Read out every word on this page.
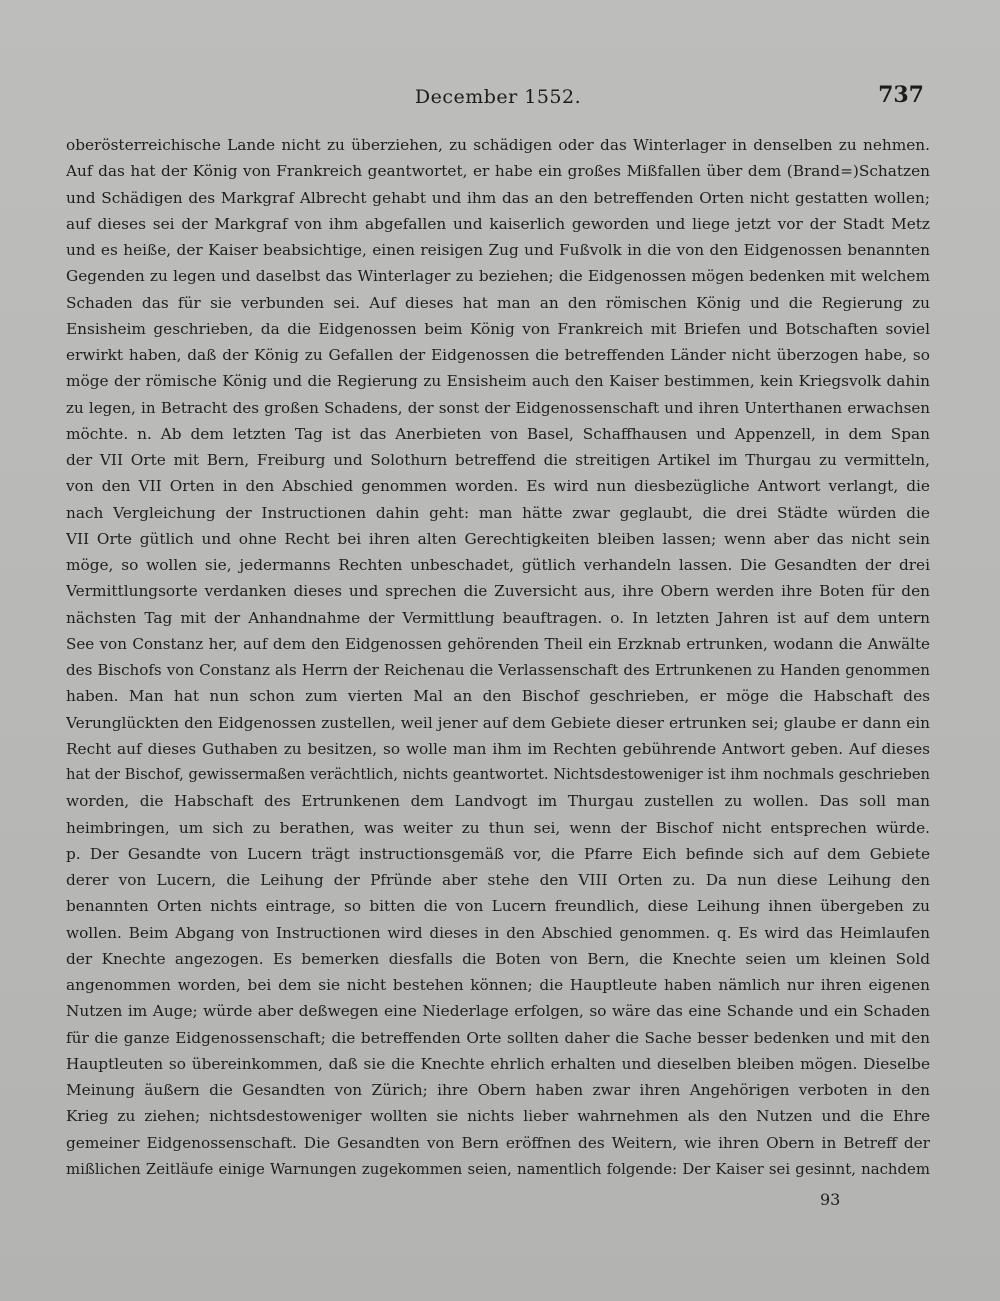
December 1552.	737
oberösterreichische Lande nicht zu überziehen, zu schädigen oder das Winterlager in denselben zu nehmen.
Auf das hat der König von Frankreich geantwortet, er habe ein großes Mißfallen über dem (Brand=)Schatzen
und Schädigen des Markgraf Albrecht gehabt und ihm das an den betreffenden Orten nicht gestatten wollen;
auf dieses sei der Markgraf von ihm abgefallen und kaiserlich geworden und liege jetzt vor der Stadt Metz
und es heiße, der Kaiser beabsichtige, einen reisigen Zug und Fußvolk in die von den Eidgenossen benannten
Gegenden zu legen und daselbst das Winterlager zu beziehen; die Eidgenossen mögen bedenken mit welchem
Schaden das für sie verbunden sei. Auf dieses hat man an den römischen König und die Regierung zu
Ensisheim geschrieben, da die Eidgenossen beim König von Frankreich mit Briefen und Botschaften soviel
erwirkt haben, daß der König zu Gefallen der Eidgenossen die betreffenden Länder nicht überzogen habe, so
möge der römische König und die Regierung zu Ensisheim auch den Kaiser bestimmen, kein Kriegsvolk dahin
zu legen, in Betracht des großen Schadens, der sonst der Eidgenossenschaft und ihren Unterthanen erwachsen
möchte. n. Ab dem letzten Tag ist das Anerbieten von Basel, Schaffhausen und Appenzell, in dem Span
der VII Orte mit Bern, Freiburg und Solothurn betreffend die streitigen Artikel im Thurgau zu vermitteln,
von den VII Orten in den Abschied genommen worden. Es wird nun diesbezügliche Antwort verlangt, die
nach Vergleichung der Instructionen dahin geht: man hätte zwar geglaubt, die drei Städte würden die
VII Orte gütlich und ohne Recht bei ihren alten Gerechtigkeiten bleiben lassen; wenn aber das nicht sein
möge, so wollen sie, jedermanns Rechten unbeschadet, gütlich verhandeln lassen. Die Gesandten der drei
Vermittlungsorte verdanken dieses und sprechen die Zuversicht aus, ihre Obern werden ihre Boten für den
nächsten Tag mit der Anhandnahme der Vermittlung beauftragen. o. In letzten Jahren ist auf dem untern
See von Constanz her, auf dem den Eidgenossen gehörenden Theil ein Erzknab ertrunken, wodann die Anwälte
des Bischofs von Constanz als Herrn der Reichenau die Verlassenschaft des Ertrunkenen zu Handen genommen
haben. Man hat nun schon zum vierten Mal an den Bischof geschrieben, er möge die Habschaft des
Verunglückten den Eidgenossen zustellen, weil jener auf dem Gebiete dieser ertrunken sei; glaube er dann ein
Recht auf dieses Guthaben zu besitzen, so wolle man ihm im Rechten gebührende Antwort geben. Auf dieses
hat der Bischof, gewissermaßen verächtlich, nichts geantwortet. Nichtsdestoweniger ist ihm nochmals geschrieben
worden, die Habschaft des Ertrunkenen dem Landvogt im Thurgau zustellen zu wollen. Das soll man
heimbringen, um sich zu berathen, was weiter zu thun sei, wenn der Bischof nicht entsprechen würde.
p. Der Gesandte von Lucern trägt instructionsgemäß vor, die Pfarre Eich befinde sich auf dem Gebiete
derer von Lucern, die Leihung der Pfründe aber stehe den VIII Orten zu. Da nun diese Leihung den
benannten Orten nichts eintrage, so bitten die von Lucern freundlich, diese Leihung ihnen übergeben zu
wollen. Beim Abgang von Instructionen wird dieses in den Abschied genommen. q. Es wird das Heimlaufen
der Knechte angezogen. Es bemerken diesfalls die Boten von Bern, die Knechte seien um kleinen Sold
angenommen worden, bei dem sie nicht bestehen können; die Hauptleute haben nämlich nur ihren eigenen
Nutzen im Auge; würde aber deßwegen eine Niederlage erfolgen, so wäre das eine Schande und ein Schaden
für die ganze Eidgenossenschaft; die betreffenden Orte sollten daher die Sache besser bedenken und mit den
Hauptleuten so übereinkommen, daß sie die Knechte ehrlich erhalten und dieselben bleiben mögen. Dieselbe
Meinung äußern die Gesandten von Zürich; ihre Obern haben zwar ihren Angehörigen verboten in den
Krieg zu ziehen; nichtsdestoweniger wollten sie nichts lieber wahrnehmen als den Nutzen und die Ehre
gemeiner Eidgenossenschaft. Die Gesandten von Bern eröffnen des Weitern, wie ihren Obern in Betreff der
mißlichen Zeitläufe einige Warnungen zugekommen seien, namentlich folgende: Der Kaiser sei gesinnt, nachdem
93
